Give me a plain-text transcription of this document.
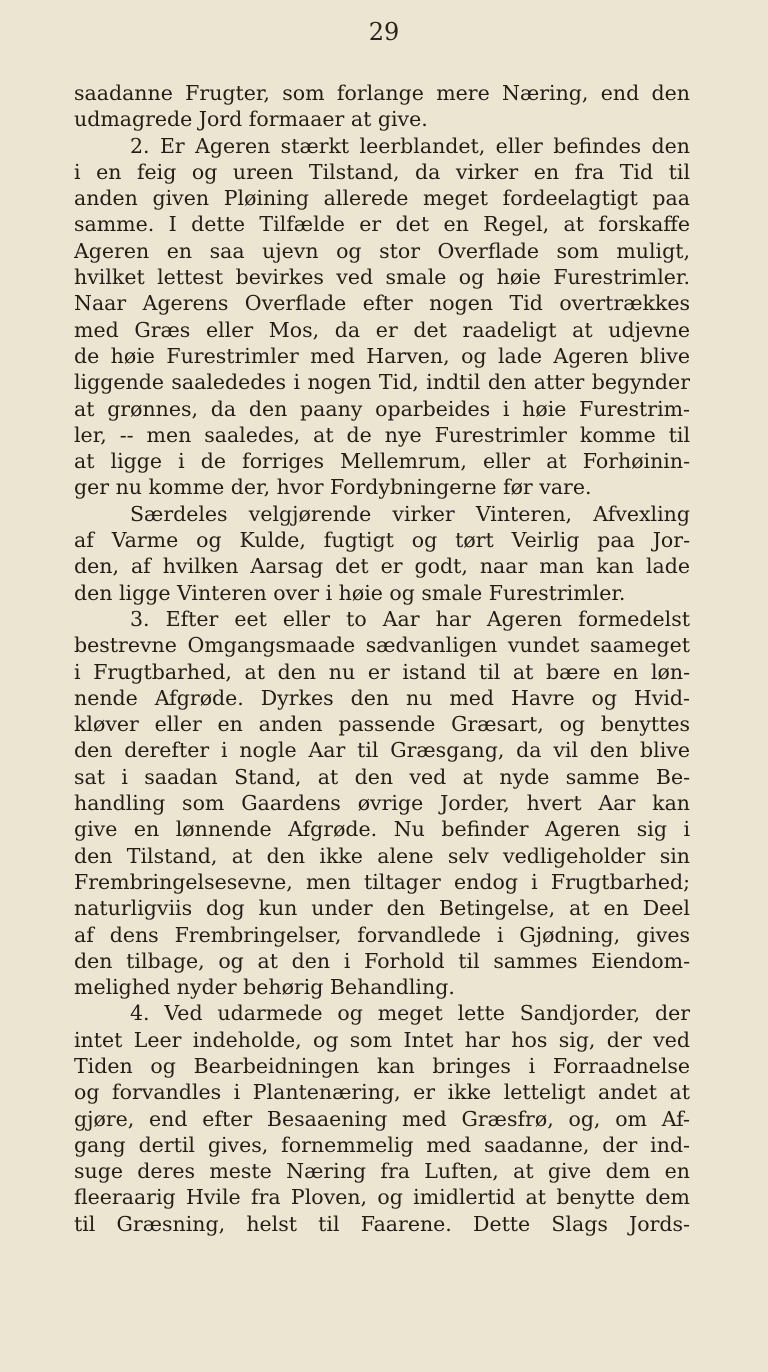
29
saadanne Frugter, som forlange mere Næring, end den
udmagrede Jord formaaer at give.
2. Er Ageren stærkt leerblandet, eller befindes den
i en feig og ureen Tilstand, da virker en fra Tid til
anden given Pløining allerede meget fordeelagtigt paa
samme. I dette Tilfælde er det en Regel, at forskaffe
Ageren en saa ujevn og stor Overflade som muligt,
hvilket lettest bevirkes ved smale og høie Furestrimler.
Naar Agerens Overflade efter nogen Tid overtrækkes
med Græs eller Mos, da er det raadeligt at udjevne
de høie Furestrimler med Harven, og lade Ageren blive
liggende saalededes i nogen Tid, indtil den atter begynder
at grønnes, da den paany oparbeides i høie Furestrim-
ler, -- men saaledes, at de nye Furestrimler komme til
at ligge i de forriges Mellemrum, eller at Forhøinin-
ger nu komme der, hvor Fordybningerne før vare.
Særdeles velgjørende virker Vinteren, Afvexling
af Varme og Kulde, fugtigt og tørt Veirlig paa Jor-
den, af hvilken Aarsag det er godt, naar man kan lade
den ligge Vinteren over i høie og smale Furestrimler.
3. Efter eet eller to Aar har Ageren formedelst
bestrevne Omgangsmaade sædvanligen vundet saameget
i Frugtbarhed, at den nu er istand til at bære en løn-
nende Afgrøde. Dyrkes den nu med Havre og Hvid-
kløver eller en anden passende Græsart, og benyttes
den derefter i nogle Aar til Græsgang, da vil den blive
sat i saadan Stand, at den ved at nyde samme Be-
handling som Gaardens øvrige Jorder, hvert Aar kan
give en lønnende Afgrøde. Nu befinder Ageren sig i
den Tilstand, at den ikke alene selv vedligeholder sin
Frembringelsesevne, men tiltager endog i Frugtbarhed;
naturligviis dog kun under den Betingelse, at en Deel
af dens Frembringelser, forvandlede i Gjødning, gives
den tilbage, og at den i Forhold til sammes Eiendom-
melighed nyder behørig Behandling.
4. Ved udarmede og meget lette Sandjorder, der
intet Leer indeholde, og som Intet har hos sig, der ved
Tiden og Bearbeidningen kan bringes i Forraadnelse
og forvandles i Plantenæring, er ikke letteligt andet at
gjøre, end efter Besaaening med Græsfrø, og, om Af-
gang dertil gives, fornemmelig med saadanne, der ind-
suge deres meste Næring fra Luften, at give dem en
fleeraarig Hvile fra Ploven, og imidlertid at benytte dem
til Græsning, helst til Faarene. Dette Slags Jords-
